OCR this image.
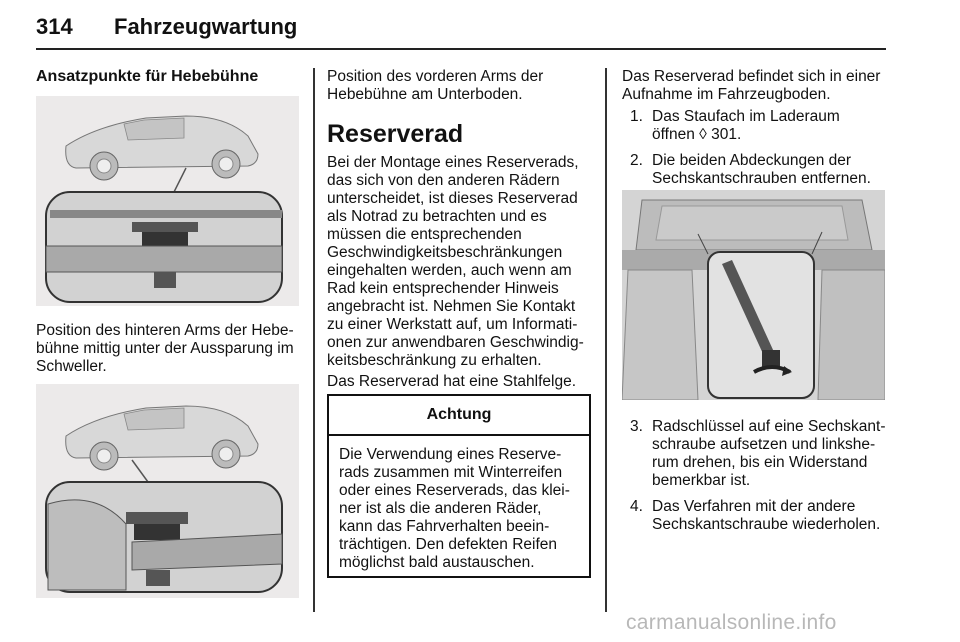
314 Fahrzeugwartung
Ansatzpunkte für Hebebühne
Position des hinteren Arms der Hebe-
bühne mittig unter der Aussparung im
Schweller.
Position des vorderen Arms der
Hebebühne am Unterboden.
Reserverad
Bei der Montage eines Reserverads,
das sich von den anderen Rädern
unterscheidet, ist dieses Reserverad
als Notrad zu betrachten und es
müssen die entsprechenden
Geschwindigkeitsbeschränkungen
eingehalten werden, auch wenn am
Rad kein entsprechender Hinweis
angebracht ist. Nehmen Sie Kontakt
zu einer Werkstatt auf, um Informati-
onen zur anwendbaren Geschwindig-
keitsbeschränkung zu erhalten.
Das Reserverad hat eine Stahlfelge.
Achtung
Die Verwendung eines Reserve-
rads zusammen mit Winterreifen
oder eines Reserverads, das klei-
ner ist als die anderen Räder,
kann das Fahrverhalten beein-
trächtigen. Den defekten Reifen
möglichst bald austauschen.
Das Reserverad befindet sich in einer
Aufnahme im Fahrzeugboden.
1. Das Staufach im Laderaum
öffnen ◊ 301.
2. Die beiden Abdeckungen der
Sechskantschrauben entfernen.
3. Radschlüssel auf eine Sechskant-
schraube aufsetzen und linkshe-
rum drehen, bis ein Widerstand
bemerkbar ist.
4. Das Verfahren mit der andere
Sechskantschraube wiederholen.
carmanualsonline.info
